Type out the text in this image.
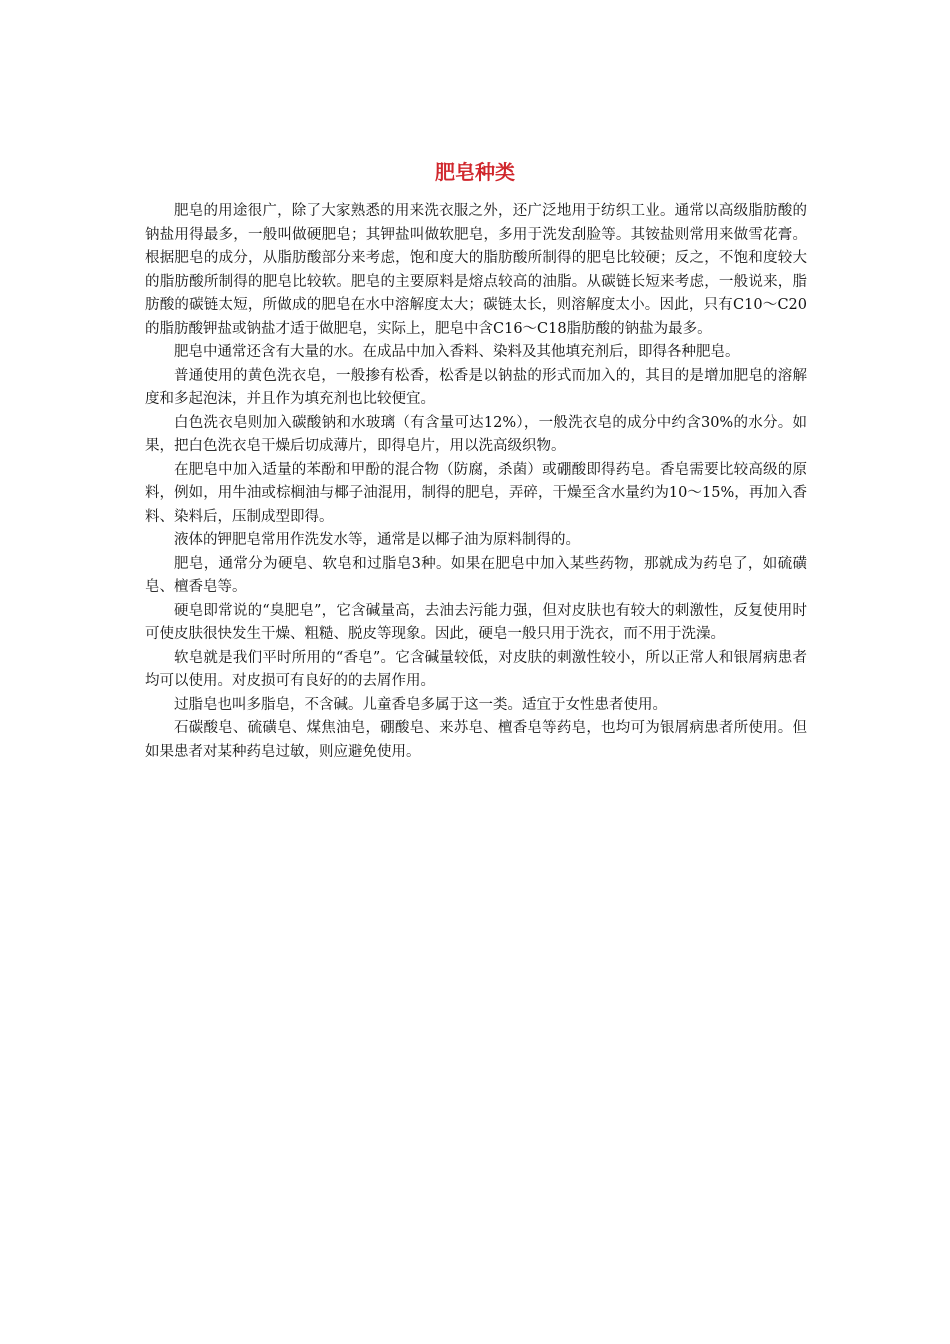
肥皂种类

肥皂的用途很广，除了大家熟悉的用来洗衣服之外，还广泛地用于纺织工业。通常以高级脂肪酸的钠盐用得最多，一般叫做硬肥皂；其钾盐叫做软肥皂，多用于洗发刮脸等。其铵盐则常用来做雪花膏。根据肥皂的成分，从脂肪酸部分来考虑，饱和度大的脂肪酸所制得的肥皂比较硬；反之，不饱和度较大的脂肪酸所制得的肥皂比较软。肥皂的主要原料是熔点较高的油脂。从碳链长短来考虑，一般说来，脂肪酸的碳链太短，所做成的肥皂在水中溶解度太大；碳链太长，则溶解度太小。因此，只有C10～C20的脂肪酸钾盐或钠盐才适于做肥皂，实际上，肥皂中含C16～C18脂肪酸的钠盐为最多。

肥皂中通常还含有大量的水。在成品中加入香料、染料及其他填充剂后，即得各种肥皂。

普通使用的黄色洗衣皂，一般掺有松香，松香是以钠盐的形式而加入的，其目的是增加肥皂的溶解度和多起泡沫，并且作为填充剂也比较便宜。

白色洗衣皂则加入碳酸钠和水玻璃（有含量可达12%），一般洗衣皂的成分中约含30%的水分。如果，把白色洗衣皂干燥后切成薄片，即得皂片，用以洗高级织物。

在肥皂中加入适量的苯酚和甲酚的混合物（防腐，杀菌）或硼酸即得药皂。香皂需要比较高级的原料，例如，用牛油或棕榈油与椰子油混用，制得的肥皂，弄碎，干燥至含水量约为10～15%，再加入香料、染料后，压制成型即得。

液体的钾肥皂常用作洗发水等，通常是以椰子油为原料制得的。

肥皂，通常分为硬皂、软皂和过脂皂3种。如果在肥皂中加入某些药物，那就成为药皂了，如硫磺皂、檀香皂等。

硬皂即常说的“臭肥皂”，它含碱量高，去油去污能力强，但对皮肤也有较大的刺激性，反复使用时可使皮肤很快发生干燥、粗糙、脱皮等现象。因此，硬皂一般只用于洗衣，而不用于洗澡。

软皂就是我们平时所用的“香皂”。它含碱量较低，对皮肤的刺激性较小，所以正常人和银屑病患者均可以使用。对皮损可有良好的的去屑作用。

过脂皂也叫多脂皂，不含碱。儿童香皂多属于这一类。适宜于女性患者使用。

石碳酸皂、硫磺皂、煤焦油皂，硼酸皂、来苏皂、檀香皂等药皂，也均可为银屑病患者所使用。但如果患者对某种药皂过敏，则应避免使用。
